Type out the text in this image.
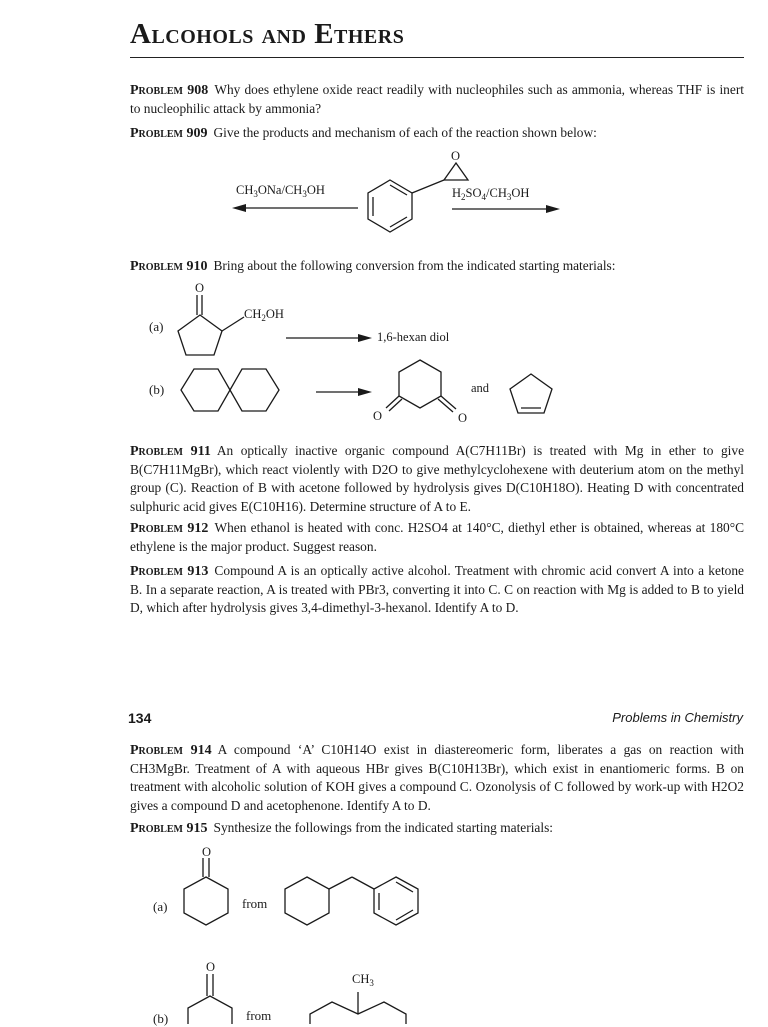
Alcohols and Ethers
Problem 908 Why does ethylene oxide react readily with nucleophiles such as ammonia, whereas THF is inert to nucleophilic attack by ammonia?
Problem 909 Give the products and mechanism of each of the reaction shown below:
O
$CH_3ONa/CH_3OH$	$H_2SO_4/CH_3OH$
Problem 910 Bring about the following conversion from the indicated starting materials:
(a)
(b)
O
$CH_2OH$
1,6-hexan diol
O	O
and
Problem 911 An optically inactive organic compound A(C7H11Br) is treated with Mg in ether to give B(C7H11MgBr), which react violently with D2O to give methylcyclohexene with deuterium atom on the methyl group (C). Reaction of B with acetone followed by hydrolysis gives D(C10H18O). Heating D with concentrated sulphuric acid gives E(C10H16). Determine structure of A to E.
Problem 912 When ethanol is heated with conc. H2SO4 at 140°C, diethyl ether is obtained, whereas at 180°C ethylene is the major product. Suggest reason.
Problem 913 Compound A is an optically active alcohol. Treatment with chromic acid convert A into a ketone B. In a separate reaction, A is treated with PBr3, converting it into C. C on reaction with Mg is added to B to yield D, which after hydrolysis gives 3,4-dimethyl-3-hexanol. Identify A to D.
134	Problems in Chemistry
Problem 914 A compound ‘A’ C10H14O exist in diastereomeric form, liberates a gas on reaction with CH3MgBr. Treatment of A with aqueous HBr gives B(C10H13Br), which exist in enantiomeric forms. B on treatment with alcoholic solution of KOH gives a compound C. Ozonolysis of C followed by work-up with H2O2 gives a compound D and acetophenone. Identify A to D.
Problem 915 Synthesize the followings from the indicated starting materials:
(a)	from
(b)	from
O
O
$CH_3$
